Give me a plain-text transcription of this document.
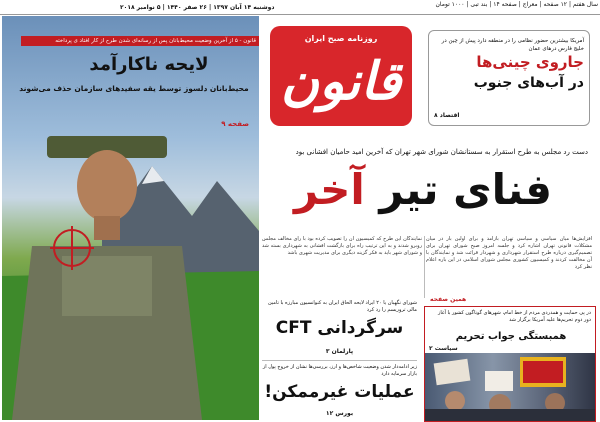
سال هفتم | ۱۲ صفحه | معراج | صفحه ۱۴ | بند تبی | ۱۰۰۰ تومان
قانون - ۵ از آخرین وضعیت محیط‌بانان پس از رسانه‌ای شدن طرح از کار افتاد ی پرداخته
لایحه ناکارآمد
محیط‌بانان دلسوز توسط یقه سفیدهای سازمان حذف می‌شوند
صفحه ۹
دوشنبه ۱۴ آبان ۱۳۹۷ | ۲۶ صفر ۱۴۴۰ | ۵ نوامبر ۲۰۱۸
روزنامه صبح ایران
قانون
آمریکا بیشترین حضور نظامی را در منطقه دارد پیش از چین در خلیج فارس درهای عمان
جاروی چینی‌ها
در آب‌های جنوب
اقتصاد ۸
دست رد مجلس به طرح استقرار به سستانشان شورای شهر تهران که آخرین امید حامیان افشانی بود
فنای تیر آخر
افزایش‌ها میان سیاسی و سیاسی تهران بازآمد و برای اولین بار در میان مشکلات قانونی تهران اشاره کرد و جلسه امروز صبح شورای تهران برای تصمیم‌گیری درباره طرح استقرار شهرداری و شهردار قرائت شد و نمایندگان با آن مخالفت کردند و کمیسیون کشوری مجلس شورای اسلامی در این باره اعلام نظر کرد
نمایندگان این طرح که کمیسیون آن را تصویب کرده بود با رای مخالف مجلس روبرو شدند و به این ترتیب راه برای بازگشت افشانی به شهرداری بسته شد و شورای شهر باید به فکر گزینه دیگری برای مدیریت شهری باشد
همین صفحه
شورای نگهبان یا ۲۰ ایراد لایحه الحاق ایران به کنوانسیون مبارزه با تامین مالی تروریسم را رد کرد
سرگردانی CFT
پارلمان ۳
زیر ادامه‌دار شدن وضعیت شاخص‌ها و ارز، بررسی‌ها نشان از خروج پول از بازار سرمایه دارد
عملیات غیرممکن!
بورس ۱۲
در پی حمایت و همدردی مردم از خط امام، شهرهای گوناگون کشور با آغاز دور دوم تحریم‌ها علیه آمریکا برگزار شد
همبستگی جواب تحریم
سیاست ۲
